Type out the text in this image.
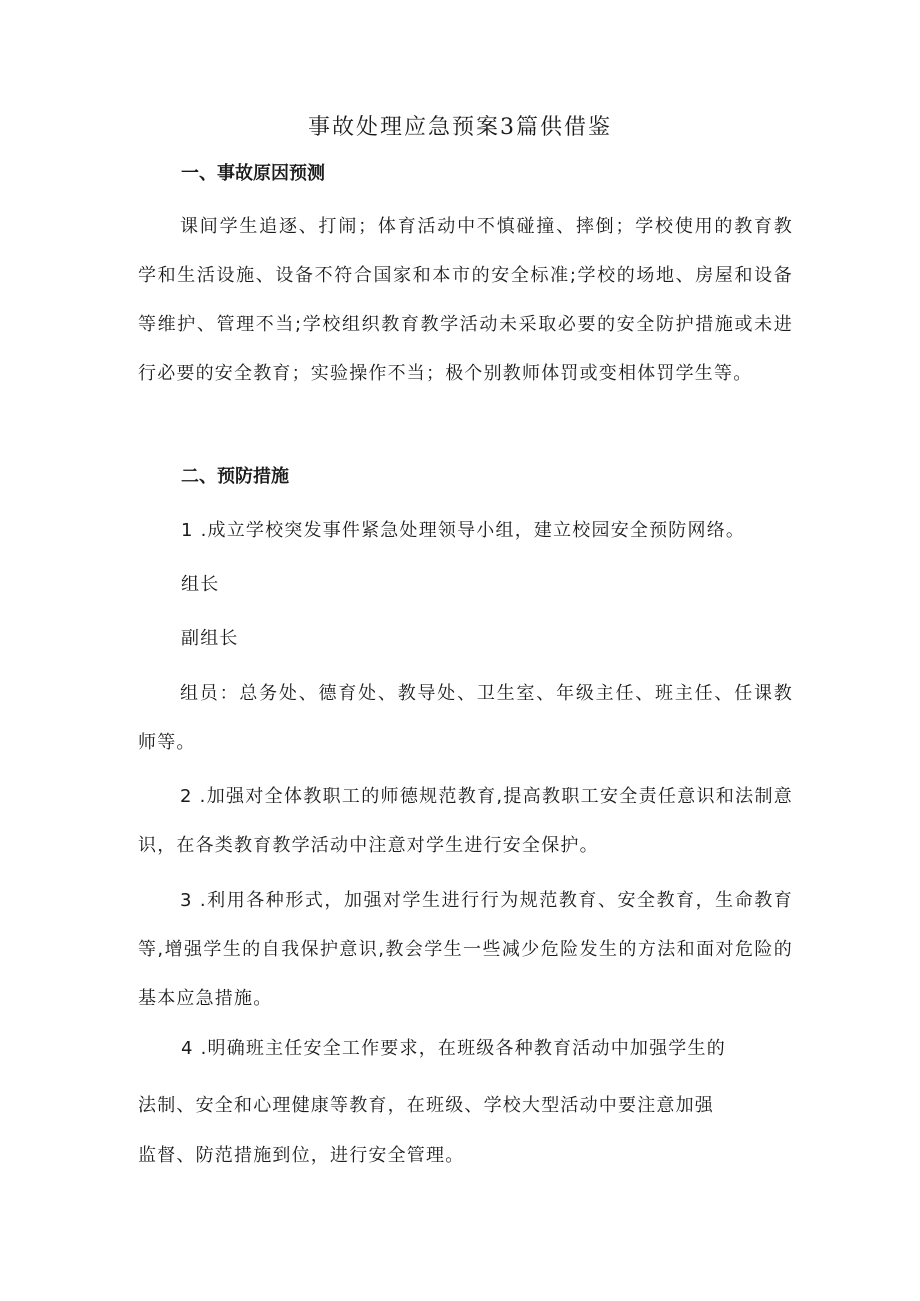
事故处理应急预案3篇供借鉴
一、事故原因预测
课间学生追逐、打闹；体育活动中不慎碰撞、摔倒；学校使用的教育教学和生活设施、设备不符合国家和本市的安全标准;学校的场地、房屋和设备等维护、管理不当;学校组织教育教学活动未采取必要的安全防护措施或未进行必要的安全教育；实验操作不当；极个别教师体罚或变相体罚学生等。
二、预防措施
1 .成立学校突发事件紧急处理领导小组，建立校园安全预防网络。
组长
副组长
组员：总务处、德育处、教导处、卫生室、年级主任、班主任、任课教师等。
2 .加强对全体教职工的师德规范教育,提高教职工安全责任意识和法制意识，在各类教育教学活动中注意对学生进行安全保护。
3 .利用各种形式，加强对学生进行行为规范教育、安全教育，生命教育等,增强学生的自我保护意识,教会学生一些减少危险发生的方法和面对危险的基本应急措施。
4 .明确班主任安全工作要求，在班级各种教育活动中加强学生的
法制、安全和心理健康等教育，在班级、学校大型活动中要注意加强
监督、防范措施到位，进行安全管理。
